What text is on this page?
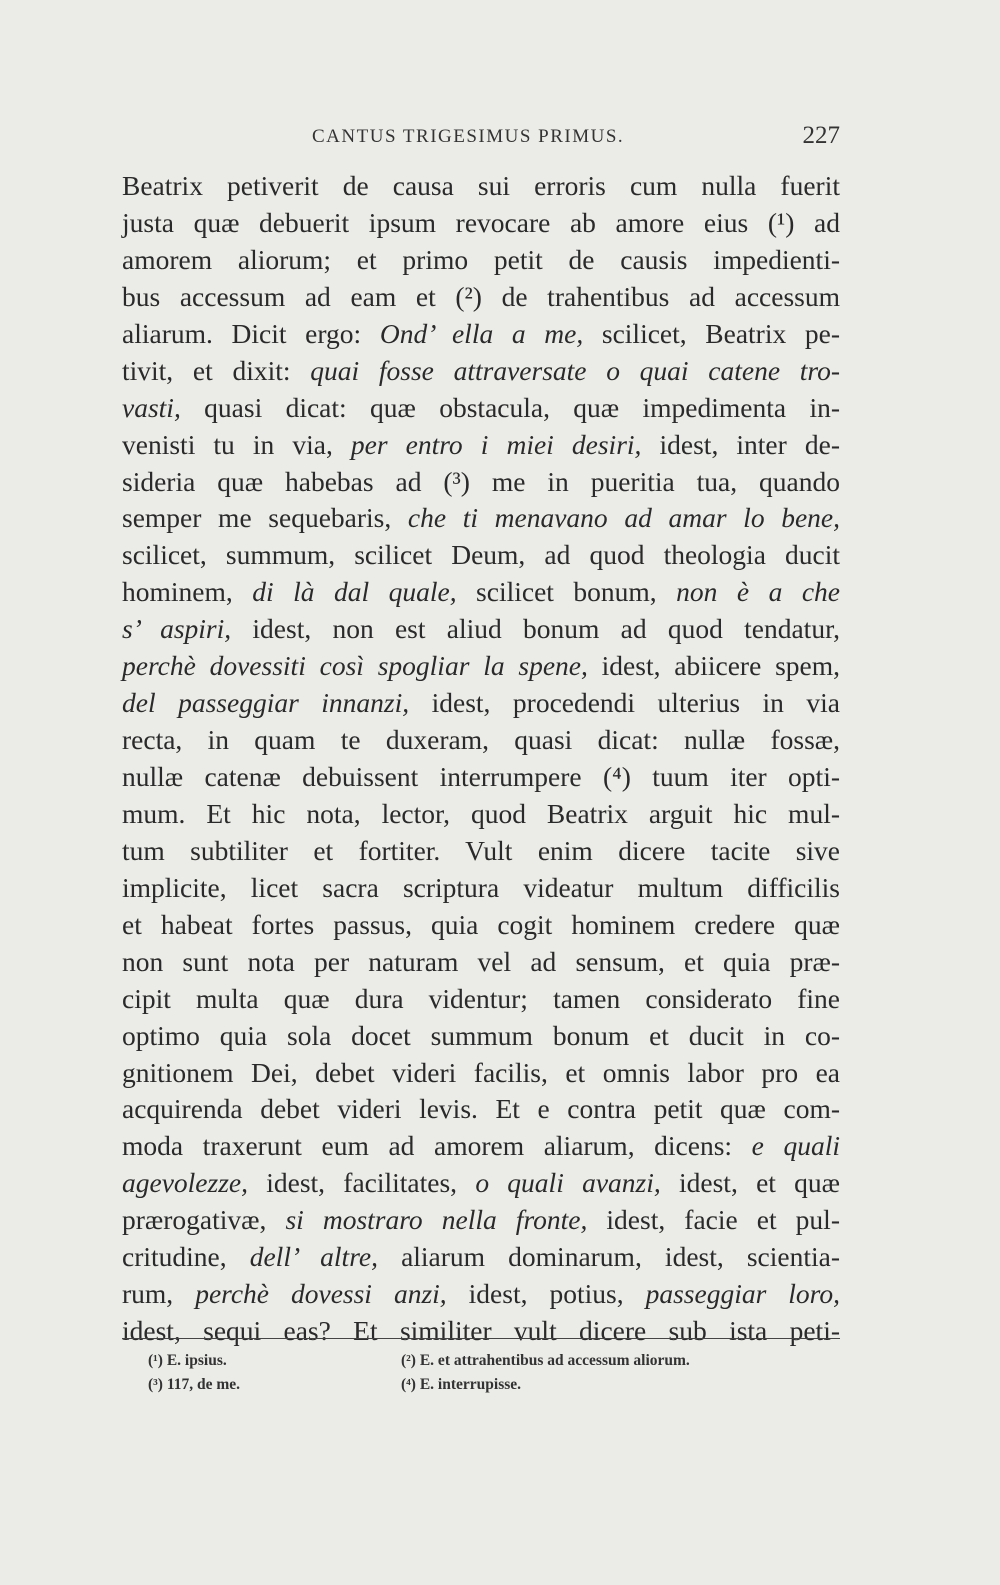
CANTUS TRIGESIMUS PRIMUS.	227
Beatrix petiverit de causa sui erroris cum nulla fuerit
justa quæ debuerit ipsum revocare ab amore eius (¹) ad
amorem aliorum; et primo petit de causis impedienti-
bus accessum ad eam et (²) de trahentibus ad accessum
aliarum. Dicit ergo: Ond’ ella a me, scilicet, Beatrix pe-
tivit, et dixit: quai fosse attraversate o quai catene tro-
vasti, quasi dicat: quæ obstacula, quæ impedimenta in-
venisti tu in via, per entro i miei desiri, idest, inter de-
sideria quæ habebas ad (³) me in pueritia tua, quando
semper me sequebaris, che ti menavano ad amar lo bene,
scilicet, summum, scilicet Deum, ad quod theologia ducit
hominem, di là dal quale, scilicet bonum, non è a che
s’ aspiri, idest, non est aliud bonum ad quod tendatur,
perchè dovessiti così spogliar la spene, idest, abiicere spem,
del passeggiar innanzi, idest, procedendi ulterius in via
recta, in quam te duxeram, quasi dicat: nullæ fossæ,
nullæ catenæ debuissent interrumpere (⁴) tuum iter opti-
mum. Et hic nota, lector, quod Beatrix arguit hic mul-
tum subtiliter et fortiter. Vult enim dicere tacite sive
implicite, licet sacra scriptura videatur multum difficilis
et habeat fortes passus, quia cogit hominem credere quæ
non sunt nota per naturam vel ad sensum, et quia præ-
cipit multa quæ dura videntur; tamen considerato fine
optimo quia sola docet summum bonum et ducit in co-
gnitionem Dei, debet videri facilis, et omnis labor pro ea
acquirenda debet videri levis. Et e contra petit quæ com-
moda traxerunt eum ad amorem aliarum, dicens: e quali
agevolezze, idest, facilitates, o quali avanzi, idest, et quæ
prærogativæ, si mostraro nella fronte, idest, facie et pul-
critudine, dell’ altre, aliarum dominarum, idest, scientia-
rum, perchè dovessi anzi, idest, potius, passeggiar loro,
idest, sequi eas? Et similiter vult dicere sub ista peti-
(¹) E. ipsius.	(²) E. et attrahentibus ad accessum aliorum.
(³) 117, de me.	(⁴) E. interrupisse.
